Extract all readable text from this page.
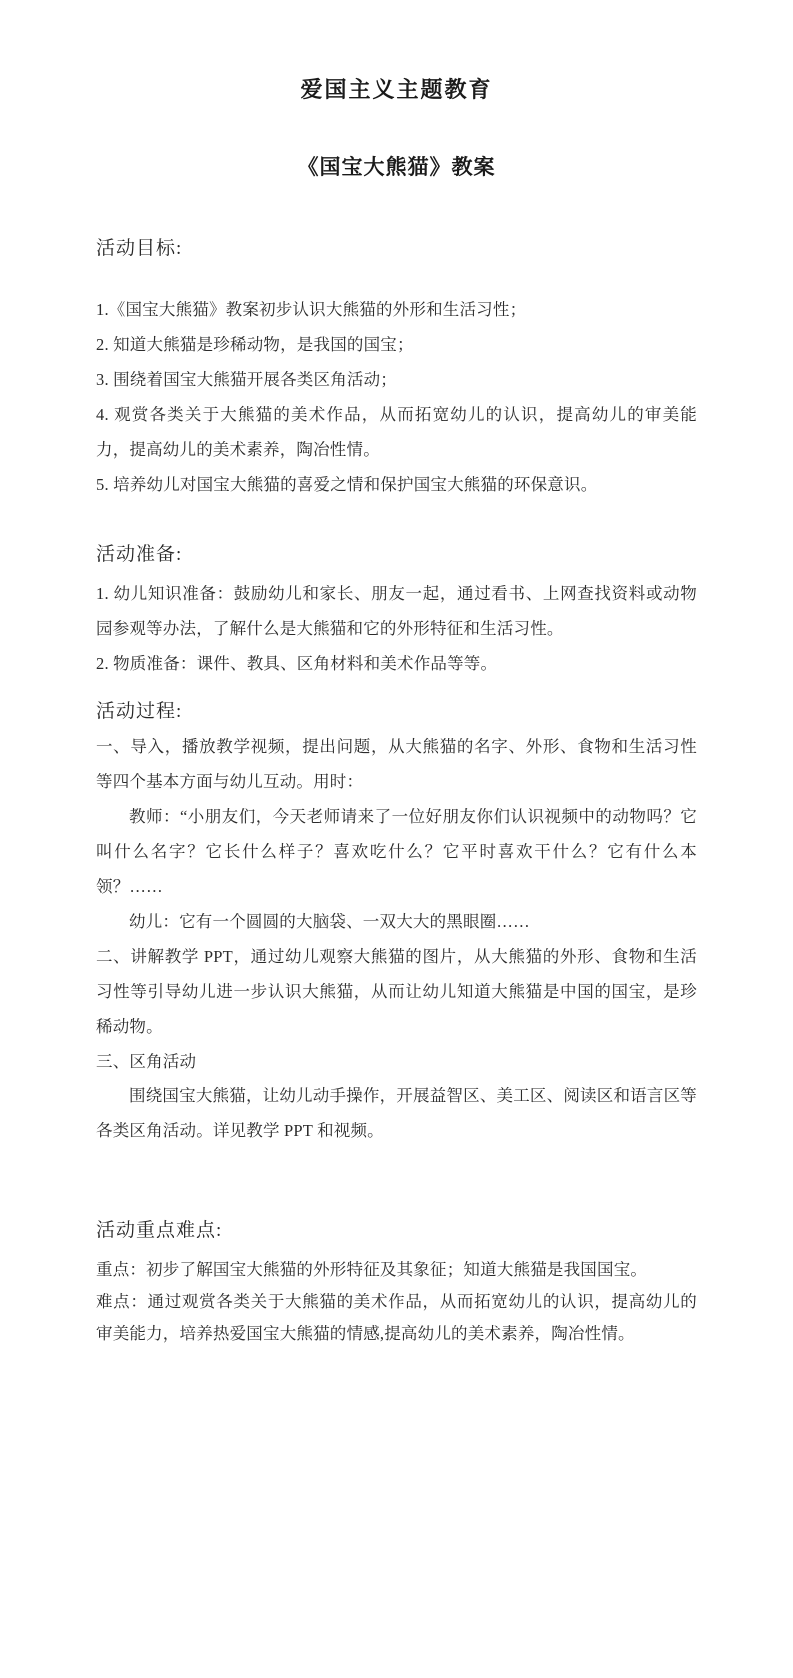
爱国主义主题教育
《国宝大熊猫》教案
活动目标:

1.《国宝大熊猫》教案初步认识大熊猫的外形和生活习性；

2. 知道大熊猫是珍稀动物，是我国的国宝；

3. 围绕着国宝大熊猫开展各类区角活动；

4. 观赏各类关于大熊猫的美术作品，从而拓宽幼儿的认识，提高幼儿的审美能力，提高幼儿的美术素养，陶冶性情。

5. 培养幼儿对国宝大熊猫的喜爱之情和保护国宝大熊猫的环保意识。

活动准备:

1. 幼儿知识准备：鼓励幼儿和家长、朋友一起，通过看书、上网查找资料或动物园参观等办法，了解什么是大熊猫和它的外形特征和生活习性。

2. 物质准备：课件、教具、区角材料和美术作品等等。

活动过程:

一、导入，播放教学视频，提出问题，从大熊猫的名字、外形、食物和生活习性等四个基本方面与幼儿互动。用时：

教师：“小朋友们，今天老师请来了一位好朋友你们认识视频中的动物吗？它叫什么名字？它长什么样子？喜欢吃什么？它平时喜欢干什么？它有什么本领？……

幼儿：它有一个圆圆的大脑袋、一双大大的黑眼圈……

二、讲解教学 PPT，通过幼儿观察大熊猫的图片，从大熊猫的外形、食物和生活习性等引导幼儿进一步认识大熊猫，从而让幼儿知道大熊猫是中国的国宝，是珍稀动物。

三、区角活动

围绕国宝大熊猫，让幼儿动手操作，开展益智区、美工区、阅读区和语言区等各类区角活动。详见教学 PPT 和视频。

活动重点难点:

重点：初步了解国宝大熊猫的外形特征及其象征；知道大熊猫是我国国宝。

难点：通过观赏各类关于大熊猫的美术作品，从而拓宽幼儿的认识，提高幼儿的审美能力，培养热爱国宝大熊猫的情感,提高幼儿的美术素养，陶冶性情。
